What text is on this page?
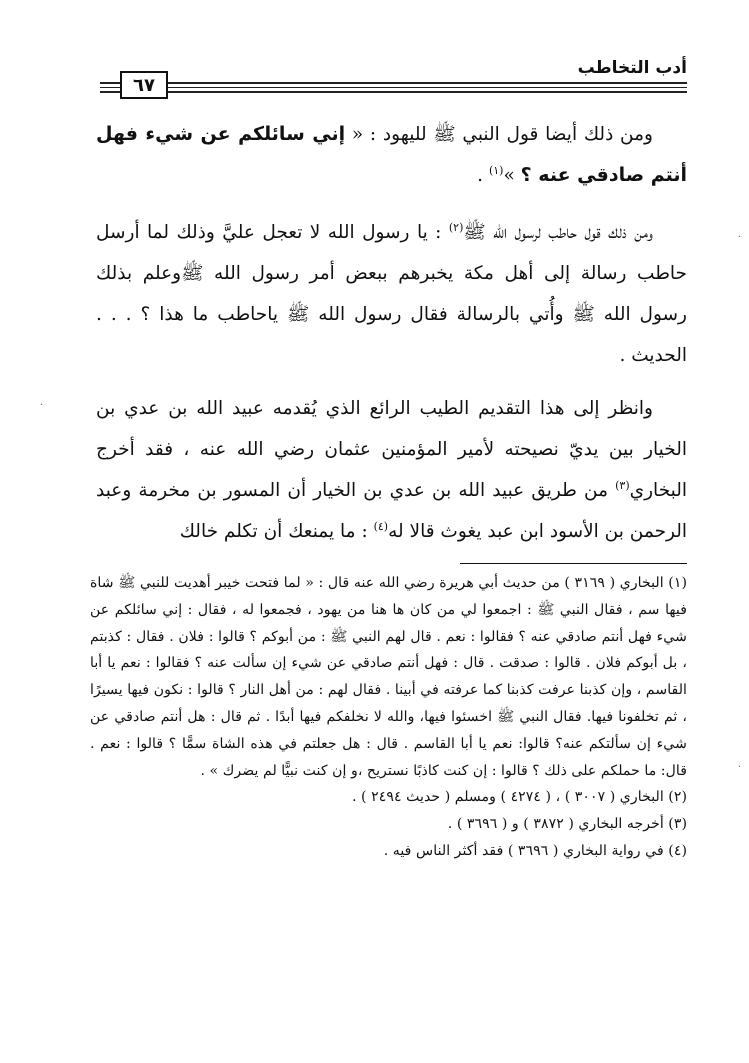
أدب التخاطب
٦٧

ومن ذلك أيضا قول النبي ﷺ لليهود : « إني سائلكم عن شيء فهل أنتم صادقي عنه ؟ »$^{(١)}$ .

ومن ذلك قول حاطب لرسول الله ﷺ$^{(٢)}$ : يا رسول الله لا تعجل عليَّ وذلك لما أرسل حاطب رسالة إلى أهل مكة يخبرهم ببعض أمر رسول الله ﷺوعلم بذلك رسول الله ﷺ وأُتي بالرسالة فقال رسول الله ﷺ ياحاطب ما هذا ؟ . . . الحديث .

وانظر إلى هذا التقديم الطيب الرائع الذي يُقدمه عبيد الله بن عدي بن الخيار بين يديّ نصيحته لأمير المؤمنين عثمان رضي الله عنه ، فقد أخرج البخاري$^{(٣)}$ من طريق عبيد الله بن عدي بن الخيار أن المسور بن مخرمة وعبد الرحمن بن الأسود ابن عبد يغوث قالا له$^{(٤)}$ : ما يمنعك أن تكلم خالك

(١) البخاري ( ٣١٦٩ ) من حديث أبي هريرة رضي الله عنه قال : « لما فتحت خيبر أهديت للنبي ﷺ شاة فيها سم ، فقال النبي ﷺ : اجمعوا لي من كان ها هنا من يهود ، فجمعوا له ، فقال : إني سائلكم عن شيء فهل أنتم صادقي عنه ؟ فقالوا : نعم . قال لهم النبي ﷺ : من أبوكم ؟ قالوا : فلان . فقال : كذبتم ، بل أبوكم فلان . قالوا : صدقت . قال : فهل أنتم صادقي عن شيء إن سألت عنه ؟ فقالوا : نعم يا أبا القاسم ، وإن كذبنا عرفت كذبنا كما عرفته في أبينا . فقال لهم : من أهل النار ؟ قالوا : نكون فيها يسيرًا ، ثم تخلفونا فيها. فقال النبي ﷺ اخسئوا فيها، والله لا نخلفكم فيها أبدًا . ثم قال : هل أنتم صادقي عن شيء إن سألتكم عنه؟ قالوا: نعم يا أبا القاسم . قال : هل جعلتم في هذه الشاة سمًّا ؟ قالوا : نعم . قال: ما حملكم على ذلك ؟ قالوا : إن كنت كاذبًا نستريح ،و إن كنت نبيًّا لم يضرك » .
(٢) البخاري ( ٣٠٠٧ ) ، ( ٤٢٧٤ ) ومسلم ( حديث ٢٤٩٤ ) .
(٣) أخرجه البخاري ( ٣٨٧٢ ) و ( ٣٦٩٦ ) .
(٤) في رواية البخاري ( ٣٦٩٦ ) فقد أكثر الناس فيه .
·
·
·
